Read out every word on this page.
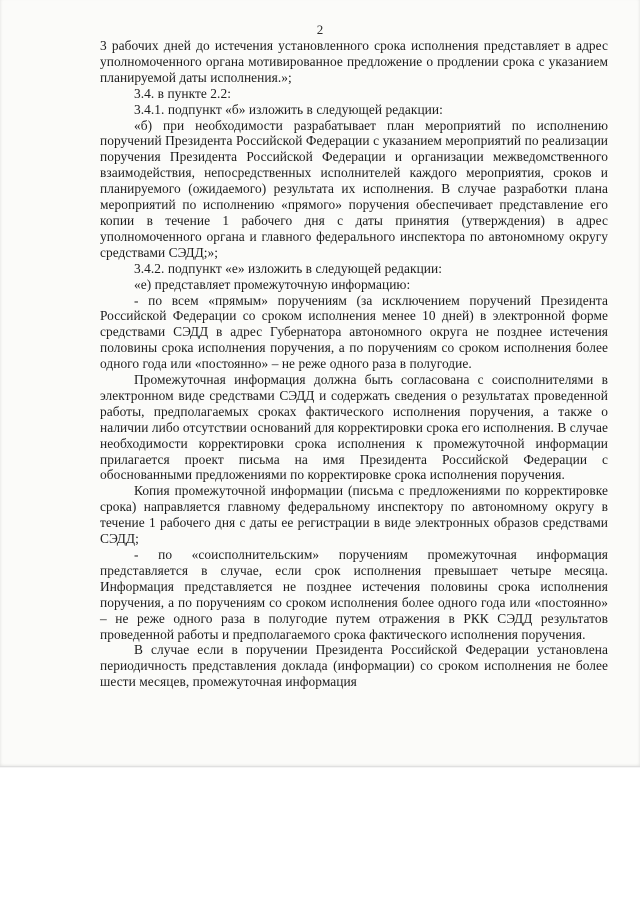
2

3 рабочих дней до истечения установленного срока исполнения представляет в адрес уполномоченного органа мотивированное предложение о продлении срока с указанием планируемой даты исполнения.»;

3.4. в пункте 2.2:

3.4.1. подпункт «б» изложить в следующей редакции:

«б) при необходимости разрабатывает план мероприятий по исполнению поручений Президента Российской Федерации с указанием мероприятий по реализации поручения Президента Российской Федерации и организации межведомственного взаимодействия, непосредственных исполнителей каждого мероприятия, сроков и планируемого (ожидаемого) результата их исполнения. В случае разработки плана мероприятий по исполнению «прямого» поручения обеспечивает представление его копии в течение 1 рабочего дня с даты принятия (утверждения) в адрес уполномоченного органа и главного федерального инспектора по автономному округу средствами СЭДД;»;

3.4.2. подпункт «е» изложить в следующей редакции:

«е) представляет промежуточную информацию:

- по всем «прямым» поручениям (за исключением поручений Президента Российской Федерации со сроком исполнения менее 10 дней) в электронной форме средствами СЭДД в адрес Губернатора автономного округа не позднее истечения половины срока исполнения поручения, а по поручениям со сроком исполнения более одного года или «постоянно» – не реже одного раза в полугодие.

Промежуточная информация должна быть согласована с соисполнителями в электронном виде средствами СЭДД и содержать сведения о результатах проведенной работы, предполагаемых сроках фактического исполнения поручения, а также о наличии либо отсутствии оснований для корректировки срока его исполнения. В случае необходимости корректировки срока исполнения к промежуточной информации прилагается проект письма на имя Президента Российской Федерации с обоснованными предложениями по корректировке срока исполнения поручения.

Копия промежуточной информации (письма с предложениями по корректировке срока) направляется главному федеральному инспектору по автономному округу в течение 1 рабочего дня с даты ее регистрации в виде электронных образов средствами СЭДД;

- по «соисполнительским» поручениям промежуточная информация представляется в случае, если срок исполнения превышает четыре месяца. Информация представляется не позднее истечения половины срока исполнения поручения, а по поручениям со сроком исполнения более одного года или «постоянно» – не реже одного раза в полугодие путем отражения в РКК СЭДД результатов проведенной работы и предполагаемого срока фактического исполнения поручения.

В случае если в поручении Президента Российской Федерации установлена периодичность представления доклада (информации) со сроком исполнения не более шести месяцев, промежуточная информация
